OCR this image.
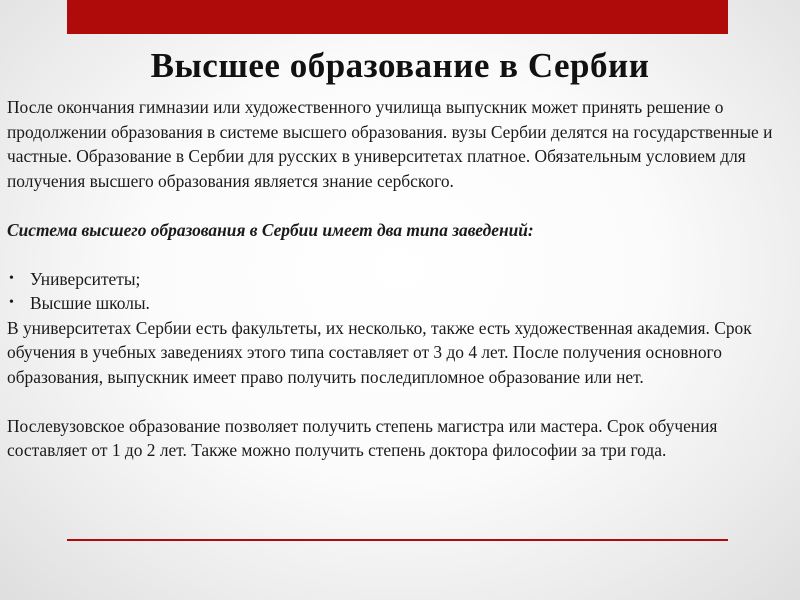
Высшее образование в Сербии

После окончания гимназии или художественного училища выпускник может принять решение о продолжении образования в системе высшего образования. вузы Сербии делятся на государственные и частные. Образование в Сербии для русских в университетах платное. Обязательным условием для получения высшего образования является знание сербского.

Система высшего образования в Сербии имеет два типа заведений:

• Университеты;
• Высшие школы.

В университетах Сербии есть факультеты, их несколько, также есть художественная академия. Срок обучения в учебных заведениях этого типа составляет от 3 до 4 лет. После получения основного образования, выпускник имеет право получить последипломное образование или нет.

Послевузовское образование позволяет получить степень магистра или мастера. Срок обучения составляет от 1 до 2 лет. Также можно получить степень доктора философии за три года.
